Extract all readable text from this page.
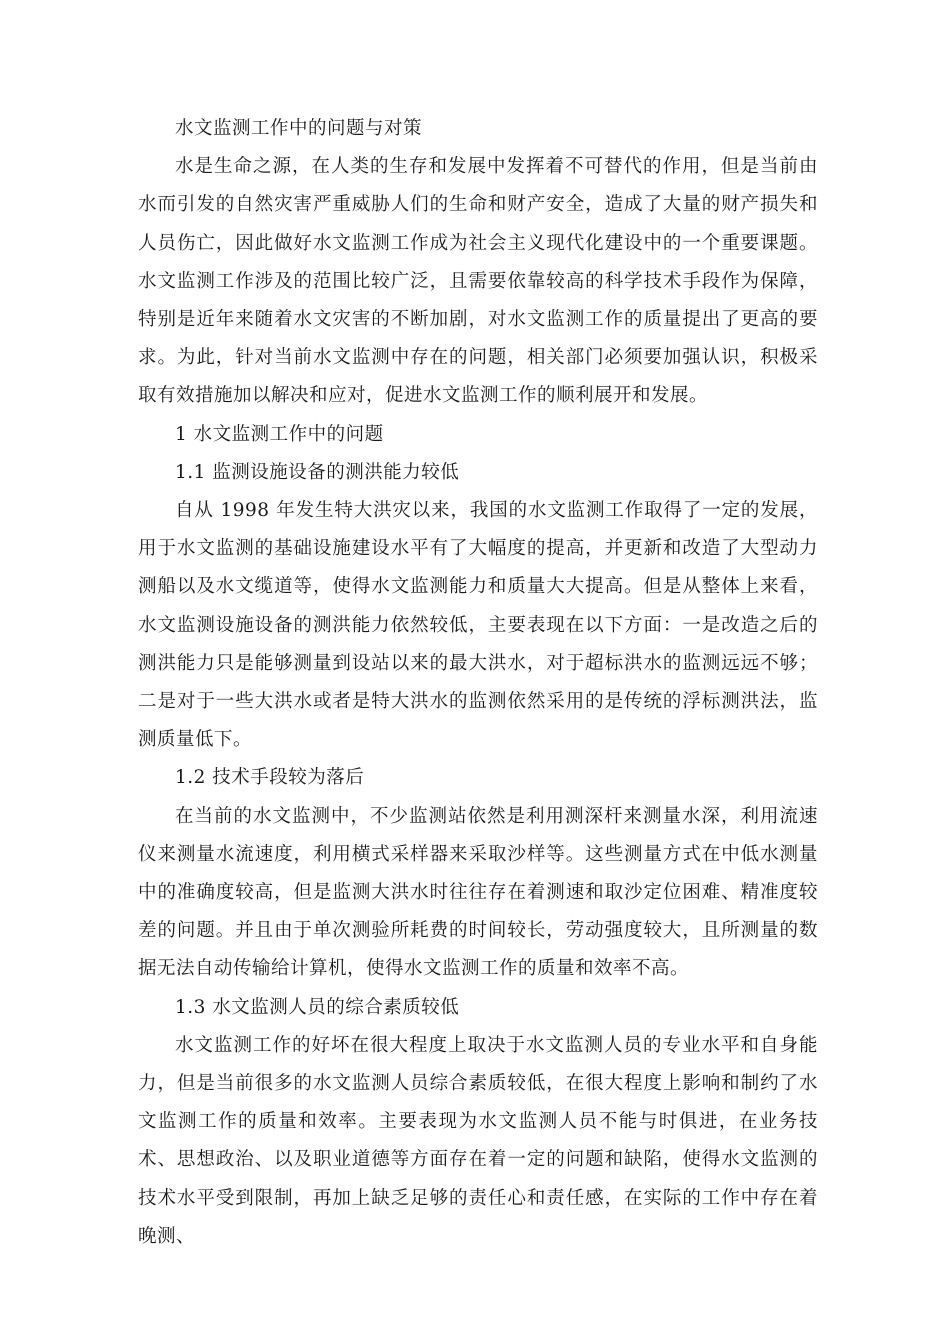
水文监测工作中的问题与对策

水是生命之源，在人类的生存和发展中发挥着不可替代的作用，但是当前由水而引发的自然灾害严重威胁人们的生命和财产安全，造成了大量的财产损失和人员伤亡，因此做好水文监测工作成为社会主义现代化建设中的一个重要课题。水文监测工作涉及的范围比较广泛，且需要依靠较高的科学技术手段作为保障，特别是近年来随着水文灾害的不断加剧，对水文监测工作的质量提出了更高的要求。为此，针对当前水文监测中存在的问题，相关部门必须要加强认识，积极采取有效措施加以解决和应对，促进水文监测工作的顺利展开和发展。

1 水文监测工作中的问题

1.1 监测设施设备的测洪能力较低

自从 1998 年发生特大洪灾以来，我国的水文监测工作取得了一定的发展，用于水文监测的基础设施建设水平有了大幅度的提高，并更新和改造了大型动力测船以及水文缆道等，使得水文监测能力和质量大大提高。但是从整体上来看，水文监测设施设备的测洪能力依然较低，主要表现在以下方面：一是改造之后的测洪能力只是能够测量到设站以来的最大洪水，对于超标洪水的监测远远不够；二是对于一些大洪水或者是特大洪水的监测依然采用的是传统的浮标测洪法，监测质量低下。

1.2 技术手段较为落后

在当前的水文监测中，不少监测站依然是利用测深杆来测量水深，利用流速仪来测量水流速度，利用横式采样器来采取沙样等。这些测量方式在中低水测量中的准确度较高，但是监测大洪水时往往存在着测速和取沙定位困难、精准度较差的问题。并且由于单次测验所耗费的时间较长，劳动强度较大，且所测量的数据无法自动传输给计算机，使得水文监测工作的质量和效率不高。

1.3 水文监测人员的综合素质较低

水文监测工作的好坏在很大程度上取决于水文监测人员的专业水平和自身能力，但是当前很多的水文监测人员综合素质较低，在很大程度上影响和制约了水文监测工作的质量和效率。主要表现为水文监测人员不能与时俱进，在业务技术、思想政治、以及职业道德等方面存在着一定的问题和缺陷，使得水文监测的技术水平受到限制，再加上缺乏足够的责任心和责任感，在实际的工作中存在着晚测、
